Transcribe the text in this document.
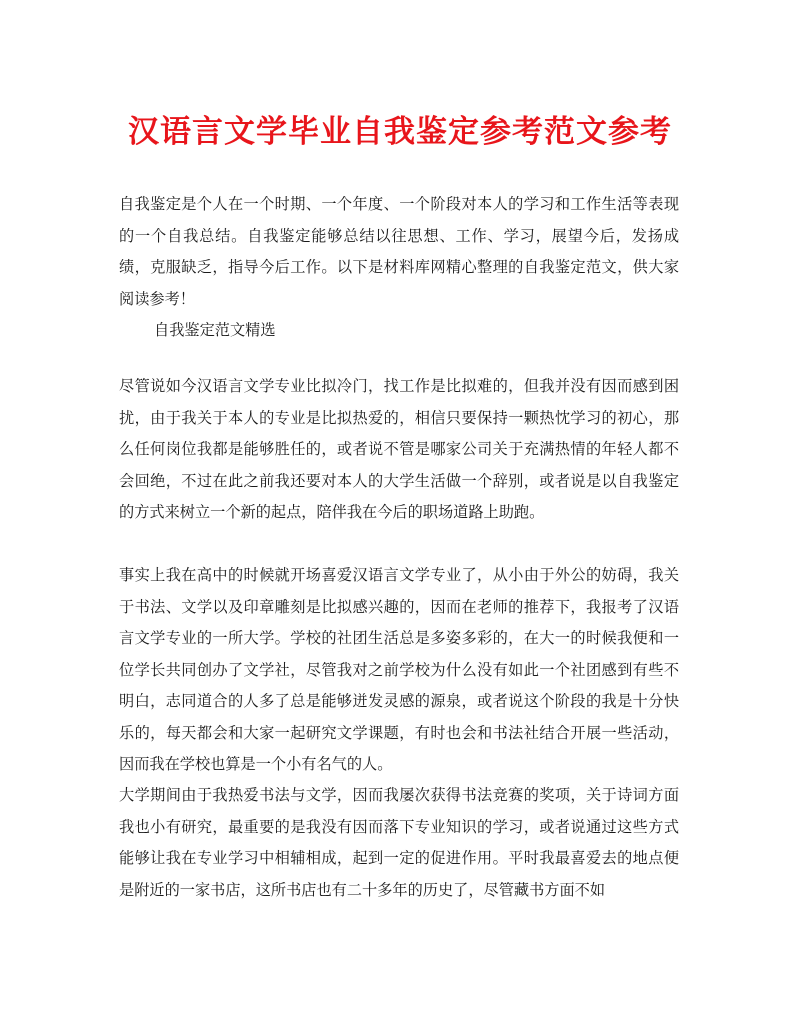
汉语言文学毕业自我鉴定参考范文参考

自我鉴定是个人在一个时期、一个年度、一个阶段对本人的学习和工作生活等表现的一个自我总结。自我鉴定能够总结以往思想、工作、学习，展望今后，发扬成绩，克服缺乏，指导今后工作。以下是材料库网精心整理的自我鉴定范文，供大家阅读参考！

自我鉴定范文精选

尽管说如今汉语言文学专业比拟冷门，找工作是比拟难的，但我并没有因而感到困扰，由于我关于本人的专业是比拟热爱的，相信只要保持一颗热忱学习的初心，那么任何岗位我都是能够胜任的，或者说不管是哪家公司关于充满热情的年轻人都不会回绝，不过在此之前我还要对本人的大学生活做一个辞别，或者说是以自我鉴定的方式来树立一个新的起点，陪伴我在今后的职场道路上助跑。

事实上我在高中的时候就开场喜爱汉语言文学专业了，从小由于外公的妨碍，我关于书法、文学以及印章雕刻是比拟感兴趣的，因而在老师的推荐下，我报考了汉语言文学专业的一所大学。学校的社团生活总是多姿多彩的，在大一的时候我便和一位学长共同创办了文学社，尽管我对之前学校为什么没有如此一个社团感到有些不明白，志同道合的人多了总是能够迸发灵感的源泉，或者说这个阶段的我是十分快乐的，每天都会和大家一起研究文学课题，有时也会和书法社结合开展一些活动，因而我在学校也算是一个小有名气的人。

大学期间由于我热爱书法与文学，因而我屡次获得书法竞赛的奖项，关于诗词方面我也小有研究，最重要的是我没有因而落下专业知识的学习，或者说通过这些方式能够让我在专业学习中相辅相成，起到一定的促进作用。平时我最喜爱去的地点便是附近的一家书店，这所书店也有二十多年的历史了，尽管藏书方面不如
